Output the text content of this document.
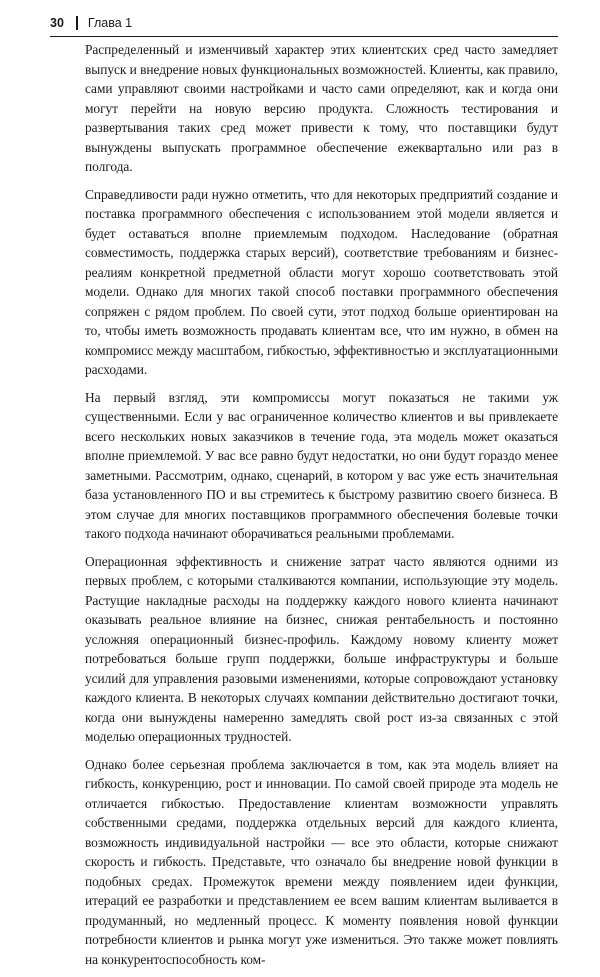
30 Глава 1

Распределенный и изменчивый характер этих клиентских сред часто замедляет выпуск и внедрение новых функциональных возможностей. Клиенты, как правило, сами управляют своими настройками и часто сами определяют, как и когда они могут перейти на новую версию продукта. Сложность тестирования и развертывания таких сред может привести к тому, что поставщики будут вынуждены выпускать программное обеспечение ежеквартально или раз в полгода.

Справедливости ради нужно отметить, что для некоторых предприятий создание и поставка программного обеспечения с использованием этой модели является и будет оставаться вполне приемлемым подходом. Наследование (обратная совместимость, поддержка старых версий), соответствие требованиям и бизнес-реалиям конкретной предметной области могут хорошо соответствовать этой модели. Однако для многих такой способ поставки программного обеспечения сопряжен с рядом проблем. По своей сути, этот подход больше ориентирован на то, чтобы иметь возможность продавать клиентам все, что им нужно, в обмен на компромисс между масштабом, гибкостью, эффективностью и эксплуатационными расходами.

На первый взгляд, эти компромиссы могут показаться не такими уж существенными. Если у вас ограниченное количество клиентов и вы привлекаете всего нескольких новых заказчиков в течение года, эта модель может оказаться вполне приемлемой. У вас все равно будут недостатки, но они будут гораздо менее заметными. Рассмотрим, однако, сценарий, в котором у вас уже есть значительная база установленного ПО и вы стремитесь к быстрому развитию своего бизнеса. В этом случае для многих поставщиков программного обеспечения болевые точки такого подхода начинают оборачиваться реальными проблемами.

Операционная эффективность и снижение затрат часто являются одними из первых проблем, с которыми сталкиваются компании, использующие эту модель. Растущие накладные расходы на поддержку каждого нового клиента начинают оказывать реальное влияние на бизнес, снижая рентабельность и постоянно усложняя операционный бизнес-профиль. Каждому новому клиенту может потребоваться больше групп поддержки, больше инфраструктуры и больше усилий для управления разовыми изменениями, которые сопровождают установку каждого клиента. В некоторых случаях компании действительно достигают точки, когда они вынуждены намеренно замедлять свой рост из-за связанных с этой моделью операционных трудностей.

Однако более серьезная проблема заключается в том, как эта модель влияет на гибкость, конкуренцию, рост и инновации. По самой своей природе эта модель не отличается гибкостью. Предоставление клиентам возможности управлять собственными средами, поддержка отдельных версий для каждого клиента, возможность индивидуальной настройки — все это области, которые снижают скорость и гибкость. Представьте, что означало бы внедрение новой функции в подобных средах. Промежуток времени между появлением идеи функции, итераций ее разработки и представлением ее всем вашим клиентам выливается в продуманный, но медленный процесс. К моменту появления новой функции потребности клиентов и рынка могут уже измениться. Это также может повлиять на конкурентоспособность ком-
